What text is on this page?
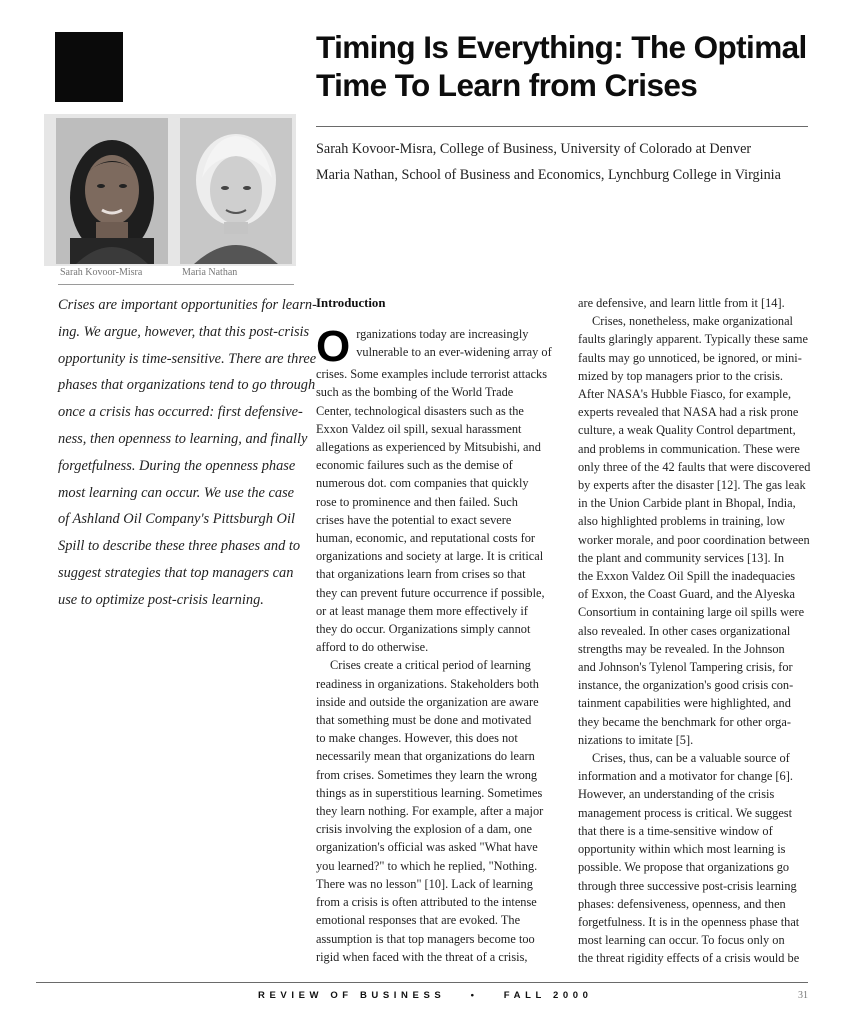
Timing Is Everything: The Optimal
Time To Learn from Crises
Sarah Kovoor-Misra, College of Business, University of Colorado at Denver
Maria Nathan, School of Business and Economics, Lynchburg College in Virginia
Sarah Kovoor-Misra	Maria Nathan
Crises are important opportunities for learn-
ing. We argue, however, that this post-crisis
opportunity is time-sensitive. There are three
phases that organizations tend to go through
once a crisis has occurred: first defensive-
ness, then openness to learning, and finally
forgetfulness. During the openness phase
most learning can occur. We use the case
of Ashland Oil Company's Pittsburgh Oil
Spill to describe these three phases and to
suggest strategies that top managers can
use to optimize post-crisis learning.
Introduction
O rganizations today are increasingly
vulnerable to an ever-widening array of
crises. Some examples include terrorist attacks
such as the bombing of the World Trade
Center, technological disasters such as the
Exxon Valdez oil spill, sexual harassment
allegations as experienced by Mitsubishi, and
economic failures such as the demise of
numerous dot. com companies that quickly
rose to prominence and then failed. Such
crises have the potential to exact severe
human, economic, and reputational costs for
organizations and society at large. It is critical
that organizations learn from crises so that
they can prevent future occurrence if possible,
or at least manage them more effectively if
they do occur. Organizations simply cannot
afford to do otherwise.
Crises create a critical period of learning
readiness in organizations. Stakeholders both
inside and outside the organization are aware
that something must be done and motivated
to make changes. However, this does not
necessarily mean that organizations do learn
from crises. Sometimes they learn the wrong
things as in superstitious learning. Sometimes
they learn nothing. For example, after a major
crisis involving the explosion of a dam, one
organization's official was asked "What have
you learned?" to which he replied, "Nothing.
There was no lesson" [10]. Lack of learning
from a crisis is often attributed to the intense
emotional responses that are evoked. The
assumption is that top managers become too
rigid when faced with the threat of a crisis,
are defensive, and learn little from it [14].
Crises, nonetheless, make organizational
faults glaringly apparent. Typically these same
faults may go unnoticed, be ignored, or mini-
mized by top managers prior to the crisis.
After NASA's Hubble Fiasco, for example,
experts revealed that NASA had a risk prone
culture, a weak Quality Control department,
and problems in communication. These were
only three of the 42 faults that were discovered
by experts after the disaster [12]. The gas leak
in the Union Carbide plant in Bhopal, India,
also highlighted problems in training, low
worker morale, and poor coordination between
the plant and community services [13]. In
the Exxon Valdez Oil Spill the inadequacies
of Exxon, the Coast Guard, and the Alyeska
Consortium in containing large oil spills were
also revealed. In other cases organizational
strengths may be revealed. In the Johnson
and Johnson's Tylenol Tampering crisis, for
instance, the organization's good crisis con-
tainment capabilities were highlighted, and
they became the benchmark for other orga-
nizations to imitate [5].
Crises, thus, can be a valuable source of
information and a motivator for change [6].
However, an understanding of the crisis
management process is critical. We suggest
that there is a time-sensitive window of
opportunity within which most learning is
possible. We propose that organizations go
through three successive post-crisis learning
phases: defensiveness, openness, and then
forgetfulness. It is in the openness phase that
most learning can occur. To focus only on
the threat rigidity effects of a crisis would be
REVIEW OF BUSINESS	•	FALL 2000	31
